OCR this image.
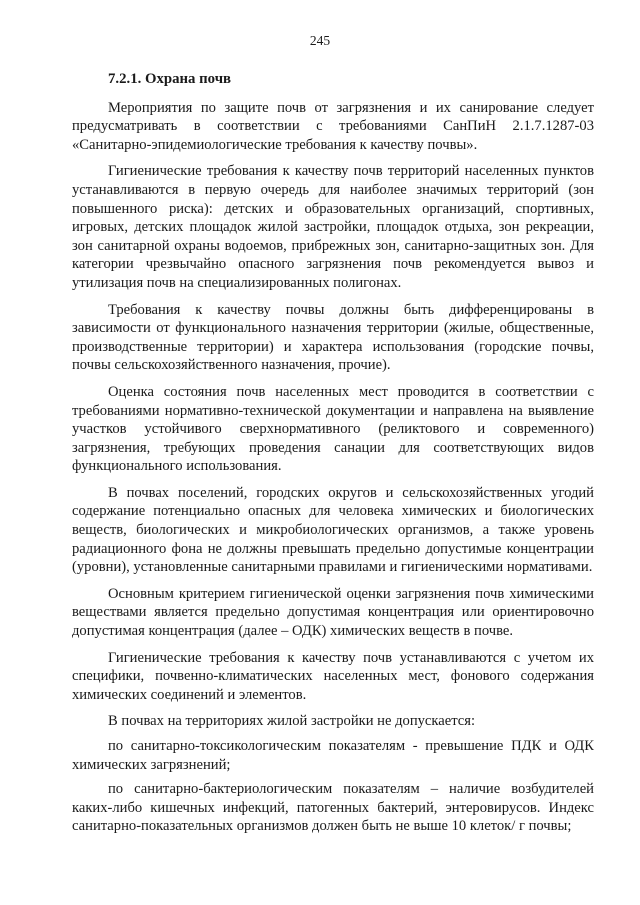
245
7.2.1. Охрана почв

Мероприятия по защите почв от загрязнения и их санирование следует предусматривать в соответствии с требованиями СанПиН 2.1.7.1287-03 «Санитарно-эпидемиологические требования к качеству почвы».

Гигиенические требования к качеству почв территорий населенных пунктов устанавливаются в первую очередь для наиболее значимых территорий (зон повышенного риска): детских и образовательных организаций, спортивных, игровых, детских площадок жилой застройки, площадок отдыха, зон рекреации, зон санитарной охраны водоемов, прибрежных зон, санитарно-защитных зон. Для категории чрезвычайно опасного загрязнения почв рекомендуется вывоз и утилизация почв на специализированных полигонах.

Требования к качеству почвы должны быть дифференцированы в зависимости от функционального назначения территории (жилые, общественные, производственные территории) и характера использования (городские почвы, почвы сельскохозяйственного назначения, прочие).

Оценка состояния почв населенных мест проводится в соответствии с требованиями нормативно-технической документации и направлена на выявление участков устойчивого сверхнормативного (реликтового и современного) загрязнения, требующих проведения санации для соответствующих видов функционального использования.

В почвах поселений, городских округов и сельскохозяйственных угодий содержание потенциально опасных для человека химических и биологических веществ, биологических и микробиологических организмов, а также уровень радиационного фона не должны превышать предельно допустимые концентрации (уровни), установленные санитарными правилами и гигиеническими нормативами.

Основным критерием гигиенической оценки загрязнения почв химическими веществами является предельно допустимая концентрация или ориентировочно допустимая концентрация (далее – ОДК) химических веществ в почве.

Гигиенические требования к качеству почв устанавливаются с учетом их специфики, почвенно-климатических населенных мест, фонового содержания химических соединений и элементов.

В почвах на территориях жилой застройки не допускается:

по санитарно-токсикологическим показателям - превышение ПДК и ОДК химических загрязнений;

по санитарно-бактериологическим показателям – наличие возбудителей каких-либо кишечных инфекций, патогенных бактерий, энтеровирусов. Индекс санитарно-показательных организмов должен быть не выше 10 клеток/ г почвы;
